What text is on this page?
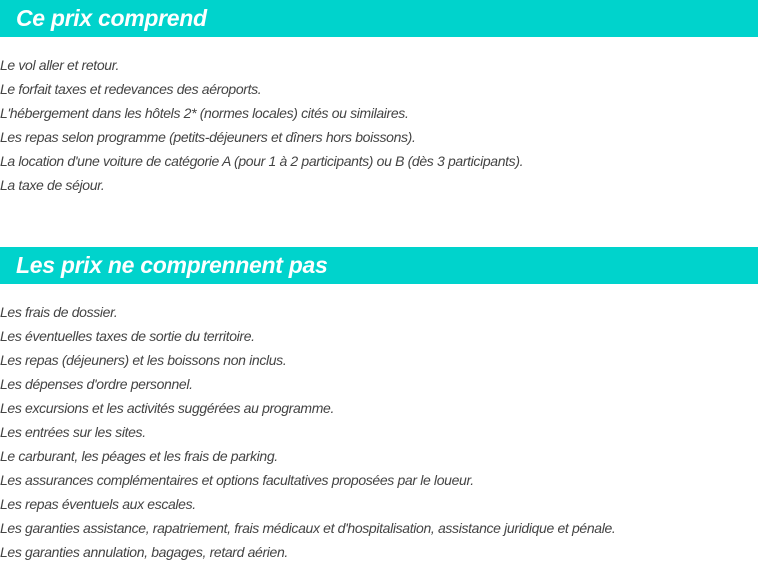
Ce prix comprend
Le vol aller et retour.
Le forfait taxes et redevances des aéroports.
L'hébergement dans les hôtels 2* (normes locales) cités ou similaires.
Les repas selon programme (petits-déjeuners et dîners hors boissons).
La location d'une voiture de catégorie A (pour 1 à 2 participants) ou B (dès 3 participants).
La taxe de séjour.
Les prix ne comprennent pas
Les frais de dossier.
Les éventuelles taxes de sortie du territoire.
Les repas (déjeuners) et les boissons non inclus.
Les dépenses d'ordre personnel.
Les excursions et les activités suggérées au programme.
Les entrées sur les sites.
Le carburant, les péages et les frais de parking.
Les assurances complémentaires et options facultatives proposées par le loueur.
Les repas éventuels aux escales.
Les garanties assistance, rapatriement, frais médicaux et d'hospitalisation, assistance juridique et pénale.
Les garanties annulation, bagages, retard aérien.
